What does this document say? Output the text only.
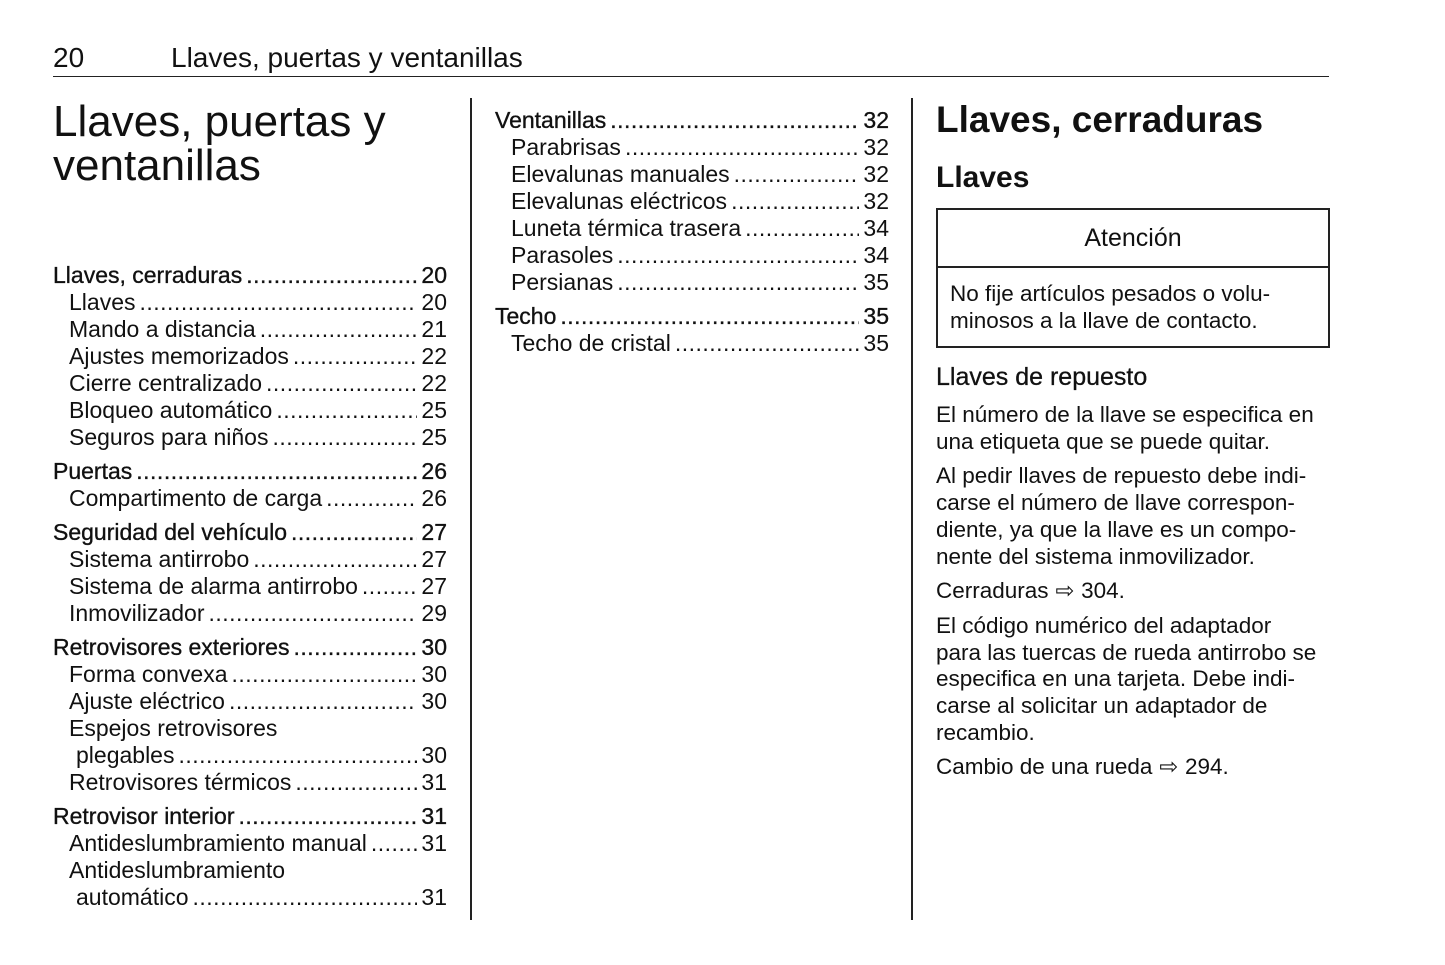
20	Llaves, puertas y ventanillas
Llaves, puertas y
ventanillas
Llaves, cerraduras .....	20
Llaves .....	20
Mando a distancia .....	21
Ajustes memorizados .....	22
Cierre centralizado .....	22
Bloqueo automático .....	25
Seguros para niños .....	25
Puertas .....	26
Compartimento de carga .....	26
Seguridad del vehículo .....	27
Sistema antirrobo .....	27
Sistema de alarma antirrobo .....	27
Inmovilizador .....	29
Retrovisores exteriores .....	30
Forma convexa .....	30
Ajuste eléctrico .....	30
Espejos retrovisores
plegables .....	30
Retrovisores térmicos .....	31
Retrovisor interior .....	31
Antideslumbramiento manual ..... 31
Antideslumbramiento
automático .....	31
Ventanillas .....	32
Parabrisas .....	32
Elevalunas manuales .....	32
Elevalunas eléctricos .....	32
Luneta térmica trasera .....	34
Parasoles .....	34
Persianas .....	35
Techo .....	35
Techo de cristal .....	35
Llaves, cerraduras
Llaves
Atención
No fije artículos pesados o volu-
minosos a la llave de contacto.
Llaves de repuesto

El número de la llave se especifica en
una etiqueta que se puede quitar.

Al pedir llaves de repuesto debe indi-
carse el número de llave correspon-
diente, ya que la llave es un compo-
nente del sistema inmovilizador.

Cerraduras ⇨ 304.

El código numérico del adaptador
para las tuercas de rueda antirrobo se
especifica en una tarjeta. Debe indi-
carse al solicitar un adaptador de
recambio.

Cambio de una rueda ⇨ 294.
